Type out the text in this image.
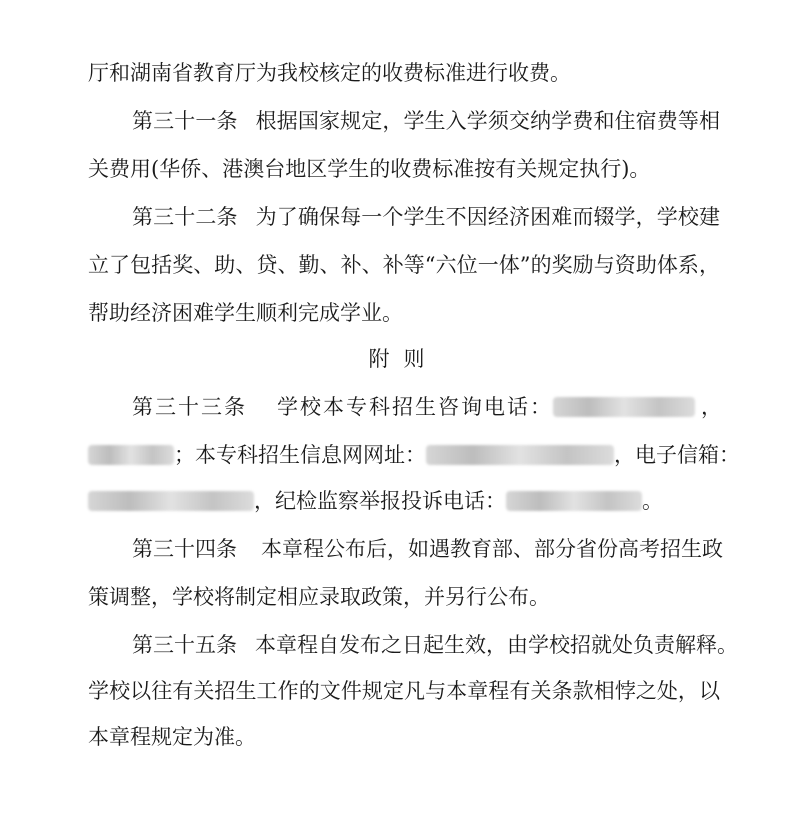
厅和湖南省教育厅为我校核定的收费标准进行收费。
第三十一条 根据国家规定，学生入学须交纳学费和住宿费等相
关费用(华侨、港澳台地区学生的收费标准按有关规定执行)。
第三十二条 为了确保每一个学生不因经济困难而辍学，学校建
立了包括奖、助、贷、勤、补、补等“六位一体”的奖励与资助体系，
帮助经济困难学生顺利完成学业。
附则
第三十三条 学校本专科招生咨询电话：	，
；本专科招生信息网网址：	，电子信箱：
，纪检监察举报投诉电话：	。
第三十四条 本章程公布后，如遇教育部、部分省份高考招生政
策调整，学校将制定相应录取政策，并另行公布。
第三十五条 本章程自发布之日起生效，由学校招就处负责解释。
学校以往有关招生工作的文件规定凡与本章程有关条款相悖之处，以
本章程规定为准。
